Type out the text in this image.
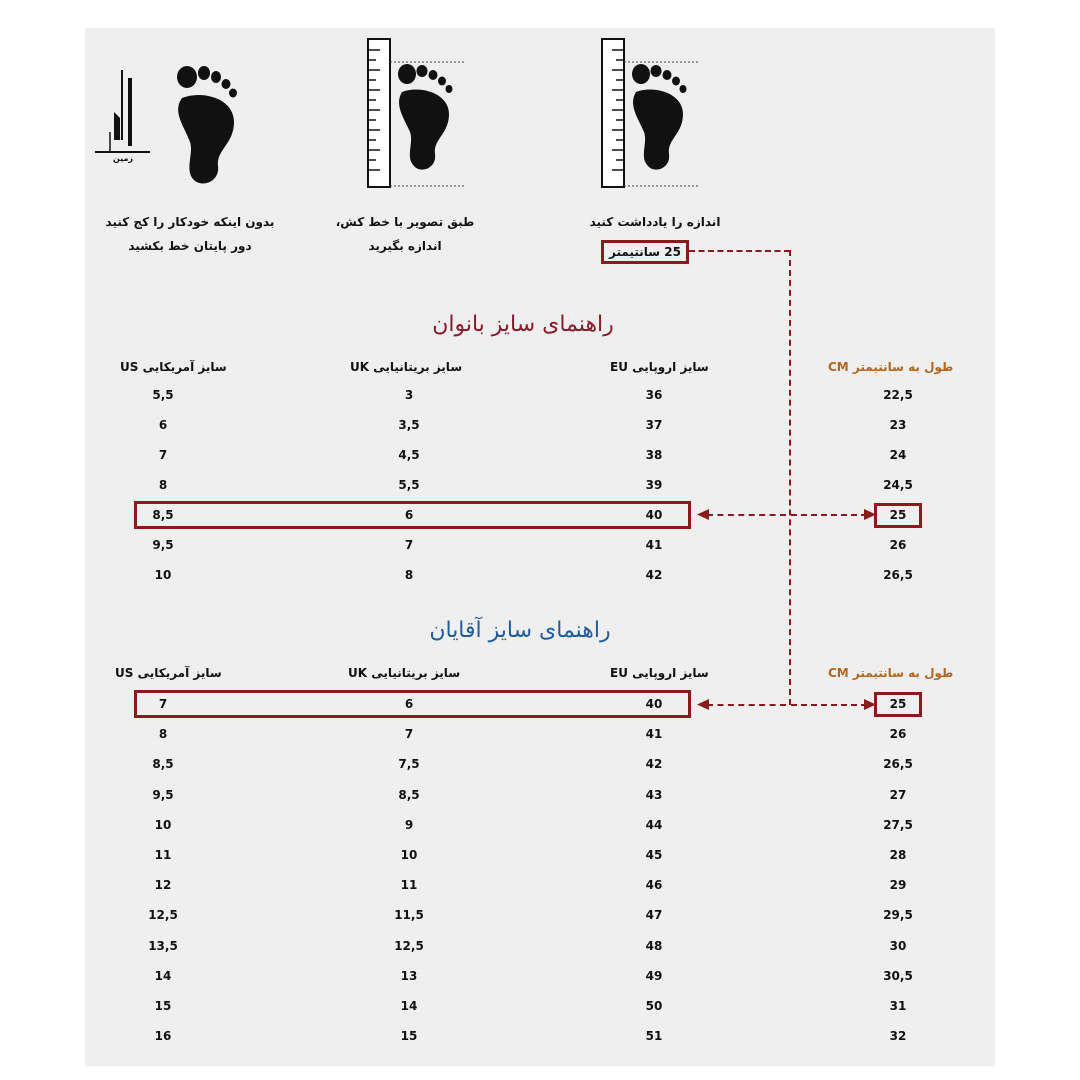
زمین
بدون اینکه خودکار را کج کنید
دور پایتان خط بکشید
طبق تصویر با خط کش،
اندازه بگیرید
اندازه را یادداشت کنید
25 سانتیمتر
راهنمای سایز بانوان
سایز آمریکایی US	سایز بریتانیایی UK	سایز اروپایی EU	طول به سانتیمتر CM
5,5	3	36	22,5
6	3,5	37	23
7	4,5	38	24
8	5,5	39	24,5
8,5	6	40	25
9,5	7	41	26
10	8	42	26,5
راهنمای سایز آقایان
سایز آمریکایی US	سایز بریتانیایی UK	سایز اروپایی EU	طول به سانتیمتر CM
7	6	40	25
8	7	41	26
8,5	7,5	42	26,5
9,5	8,5	43	27
10	9	44	27,5
11	10	45	28
12	11	46	29
12,5	11,5	47	29,5
13,5	12,5	48	30
14	13	49	30,5
15	14	50	31
16	15	51	32
